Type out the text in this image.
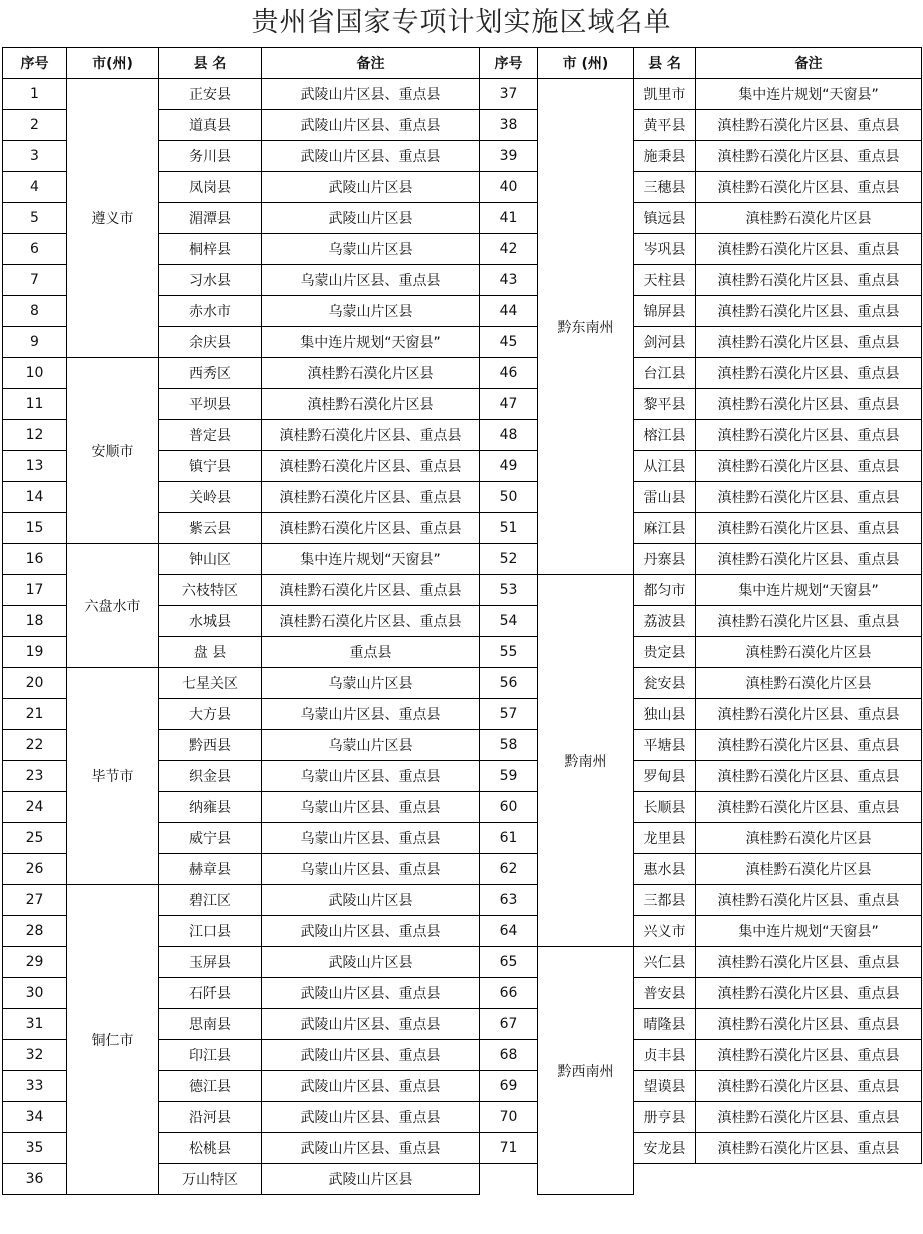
贵州省国家专项计划实施区域名单
序号	市(州)	县 名	备注	序号	市 (州)	县 名	备注
1	遵义市	正安县	武陵山片区县、重点县	37	黔东南州	凯里市	集中连片规划“天窗县”
2		道真县	武陵山片区县、重点县	38		黄平县	滇桂黔石漠化片区县、重点县
3		务川县	武陵山片区县、重点县	39		施秉县	滇桂黔石漠化片区县、重点县
4		凤岗县	武陵山片区县	40		三穗县	滇桂黔石漠化片区县、重点县
5		湄潭县	武陵山片区县	41		镇远县	滇桂黔石漠化片区县
6		桐梓县	乌蒙山片区县	42		岑巩县	滇桂黔石漠化片区县、重点县
7		习水县	乌蒙山片区县、重点县	43		天柱县	滇桂黔石漠化片区县、重点县
8		赤水市	乌蒙山片区县	44		锦屏县	滇桂黔石漠化片区县、重点县
9		余庆县	集中连片规划“天窗县”	45		剑河县	滇桂黔石漠化片区县、重点县
10	安顺市	西秀区	滇桂黔石漠化片区县	46		台江县	滇桂黔石漠化片区县、重点县
11		平坝县	滇桂黔石漠化片区县	47		黎平县	滇桂黔石漠化片区县、重点县
12		普定县	滇桂黔石漠化片区县、重点县	48		榕江县	滇桂黔石漠化片区县、重点县
13		镇宁县	滇桂黔石漠化片区县、重点县	49		从江县	滇桂黔石漠化片区县、重点县
14		关岭县	滇桂黔石漠化片区县、重点县	50		雷山县	滇桂黔石漠化片区县、重点县
15		紫云县	滇桂黔石漠化片区县、重点县	51		麻江县	滇桂黔石漠化片区县、重点县
16	六盘水市	钟山区	集中连片规划“天窗县”	52		丹寨县	滇桂黔石漠化片区县、重点县
17		六枝特区	滇桂黔石漠化片区县、重点县	53	黔南州	都匀市	集中连片规划“天窗县”
18		水城县	滇桂黔石漠化片区县、重点县	54		荔波县	滇桂黔石漠化片区县、重点县
19		盘 县	重点县	55		贵定县	滇桂黔石漠化片区县
20	毕节市	七星关区	乌蒙山片区县	56		瓮安县	滇桂黔石漠化片区县
21		大方县	乌蒙山片区县、重点县	57		独山县	滇桂黔石漠化片区县、重点县
22		黔西县	乌蒙山片区县	58		平塘县	滇桂黔石漠化片区县、重点县
23		织金县	乌蒙山片区县、重点县	59		罗甸县	滇桂黔石漠化片区县、重点县
24		纳雍县	乌蒙山片区县、重点县	60		长顺县	滇桂黔石漠化片区县、重点县
25		威宁县	乌蒙山片区县、重点县	61		龙里县	滇桂黔石漠化片区县
26		赫章县	乌蒙山片区县、重点县	62		惠水县	滇桂黔石漠化片区县
27	铜仁市	碧江区	武陵山片区县	63		三都县	滇桂黔石漠化片区县、重点县
28		江口县	武陵山片区县、重点县	64		兴义市	集中连片规划“天窗县”
29		玉屏县	武陵山片区县	65	黔西南州	兴仁县	滇桂黔石漠化片区县、重点县
30		石阡县	武陵山片区县、重点县	66		普安县	滇桂黔石漠化片区县、重点县
31		思南县	武陵山片区县、重点县	67		晴隆县	滇桂黔石漠化片区县、重点县
32		印江县	武陵山片区县、重点县	68		贞丰县	滇桂黔石漠化片区县、重点县
33		德江县	武陵山片区县、重点县	69		望谟县	滇桂黔石漠化片区县、重点县
34		沿河县	武陵山片区县、重点县	70		册亨县	滇桂黔石漠化片区县、重点县
35		松桃县	武陵山片区县、重点县	71		安龙县	滇桂黔石漠化片区县、重点县
36		万山特区	武陵山片区县				
